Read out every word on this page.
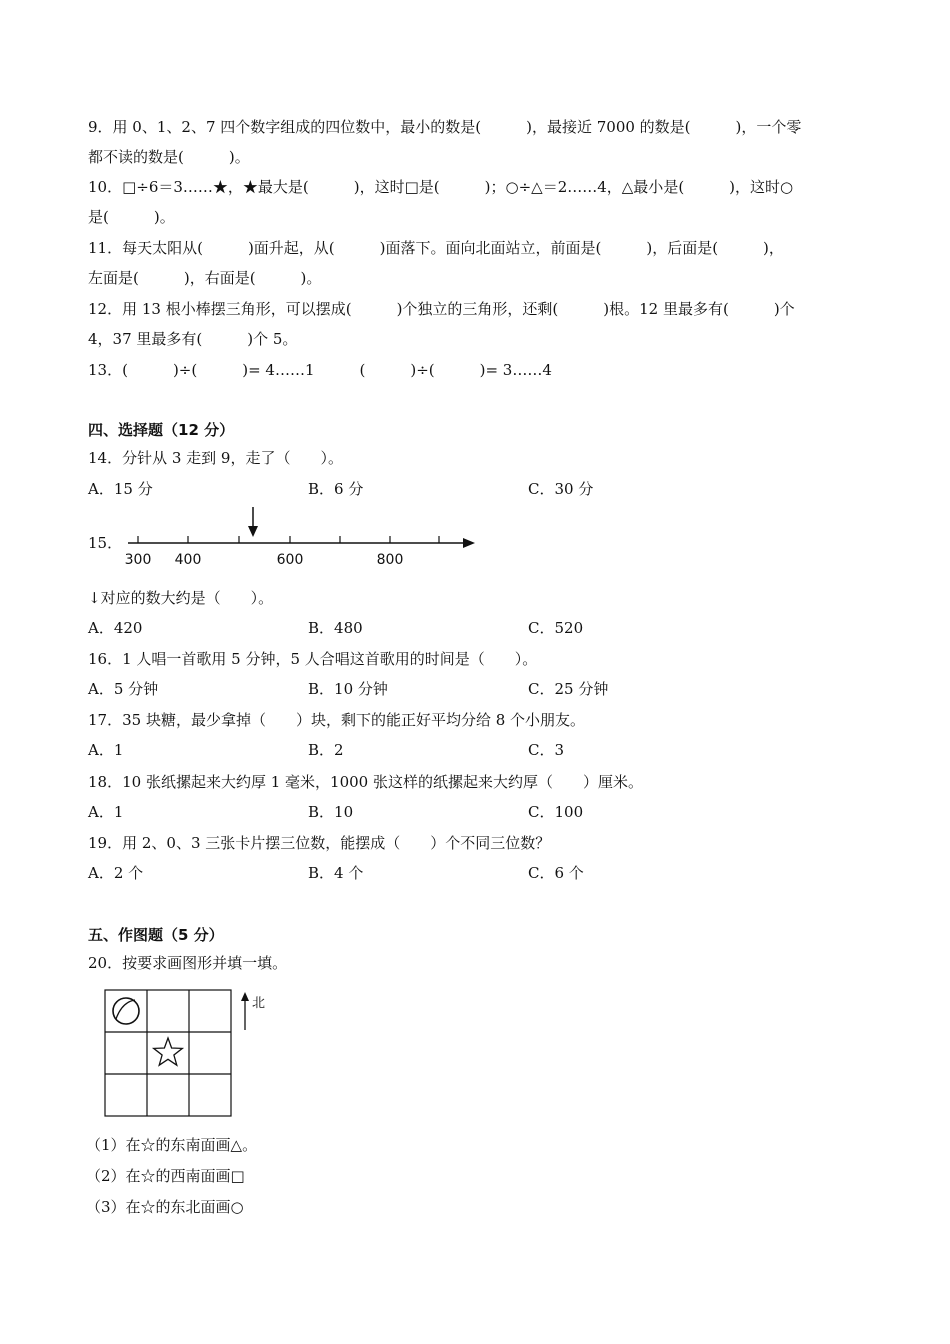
9．用 0、1、2、7 四个数字组成的四位数中，最小的数是(　　　)，最接近 7000 的数是(　　　)，一个零
都不读的数是(　　　)。
10．□÷6＝3……★，★最大是(　　　)，这时□是(　　　)；○÷△＝2……4，△最小是(　　　)，这时○
是(　　　)。
11．每天太阳从(　　　)面升起，从(　　　)面落下。面向北面站立，前面是(　　　)，后面是(　　　)，
左面是(　　　)，右面是(　　　)。
12．用 13 根小棒摆三角形，可以摆成(　　　)个独立的三角形，还剩(　　　)根。12 里最多有(　　　)个
4，37 里最多有(　　　)个 5。
13．(　　　)÷(　　　)= 4……1　　　(　　　)÷(　　　)= 3……4
四、选择题（12 分）
14．分针从 3 走到 9，走了（　　）。
A．15 分	B．6 分	C．30 分
15．
300 400	600	800
↓对应的数大约是（　　）。
A．420	B．480	C．520
16．1 人唱一首歌用 5 分钟，5 人合唱这首歌用的时间是（　　）。
A．5 分钟	B．10 分钟	C．25 分钟
17．35 块糖，最少拿掉（　　）块，剩下的能正好平均分给 8 个小朋友。
A．1	B．2	C．3
18．10 张纸摞起来大约厚 1 毫米，1000 张这样的纸摞起来大约厚（　　）厘米。
A．1	B．10	C．100
19．用 2、0、3 三张卡片摆三位数，能摆成（　　）个不同三位数？
A．2 个	B．4 个	C．6 个
五、作图题（5 分）
20．按要求画图形并填一填。
北
（1）在☆的东南面画△。
（2）在☆的西南面画□
（3）在☆的东北面画○
